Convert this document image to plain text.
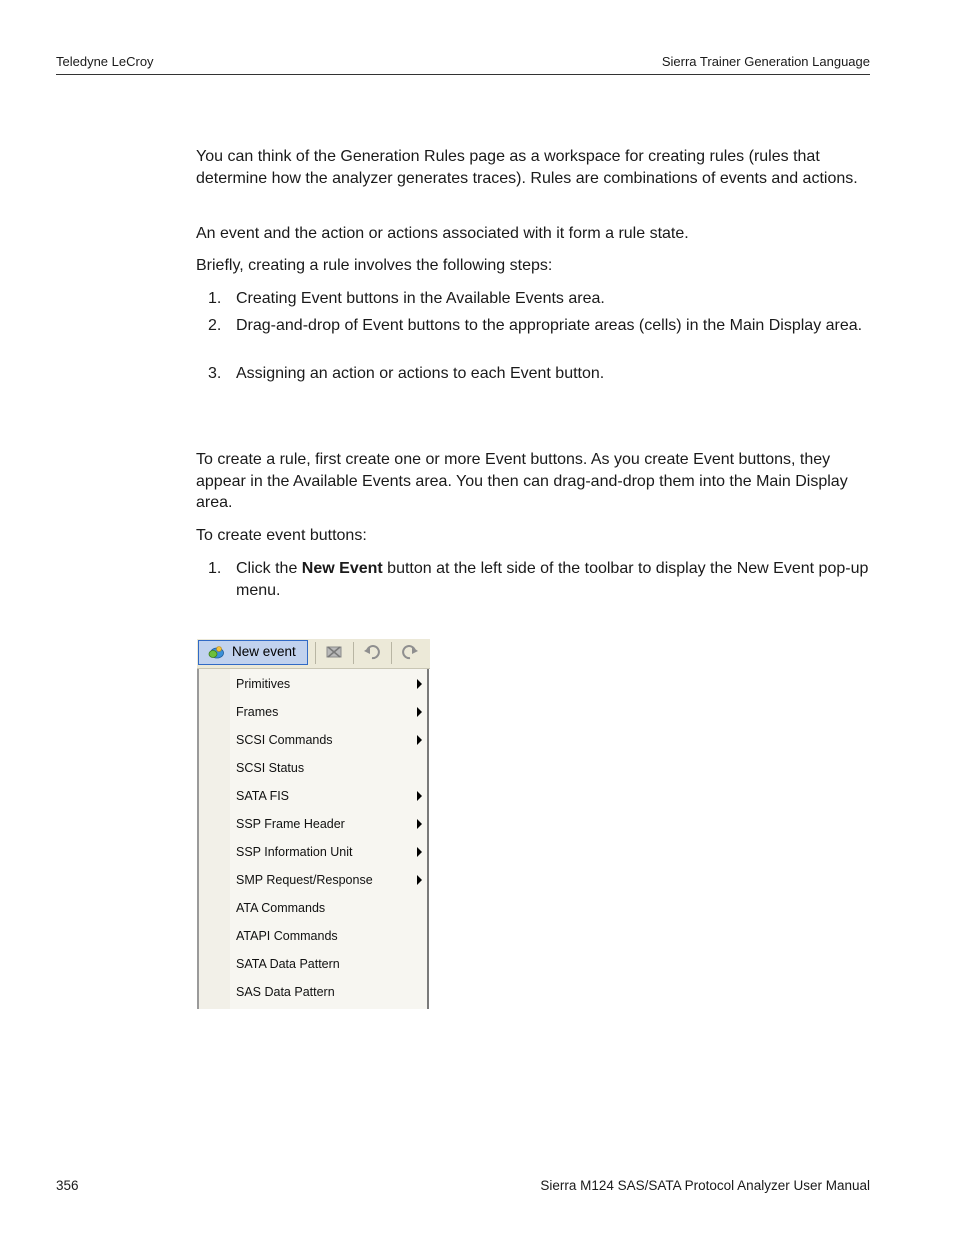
Teledyne LeCroy	Sierra Trainer Generation Language

You can think of the Generation Rules page as a workspace for creating rules (rules that determine how the analyzer generates traces). Rules are combinations of events and actions.

An event and the action or actions associated with it form a rule state.

Briefly, creating a rule involves the following steps:

1. Creating Event buttons in the Available Events area.
2. Drag-and-drop of Event buttons to the appropriate areas (cells) in the Main Display area.
3. Assigning an action or actions to each Event button.

To create a rule, first create one or more Event buttons. As you create Event buttons, they appear in the Available Events area. You then can drag-and-drop them into the Main Display area.

To create event buttons:

1. Click the New Event button at the left side of the toolbar to display the New Event pop-up menu.
New event
Primitives
Frames
SCSI Commands
SCSI Status
SATA FIS
SSP Frame Header
SSP Information Unit
SMP Request/Response
ATA Commands
ATAPI Commands
SATA Data Pattern
SAS Data Pattern
356	Sierra M124 SAS/SATA Protocol Analyzer User Manual
